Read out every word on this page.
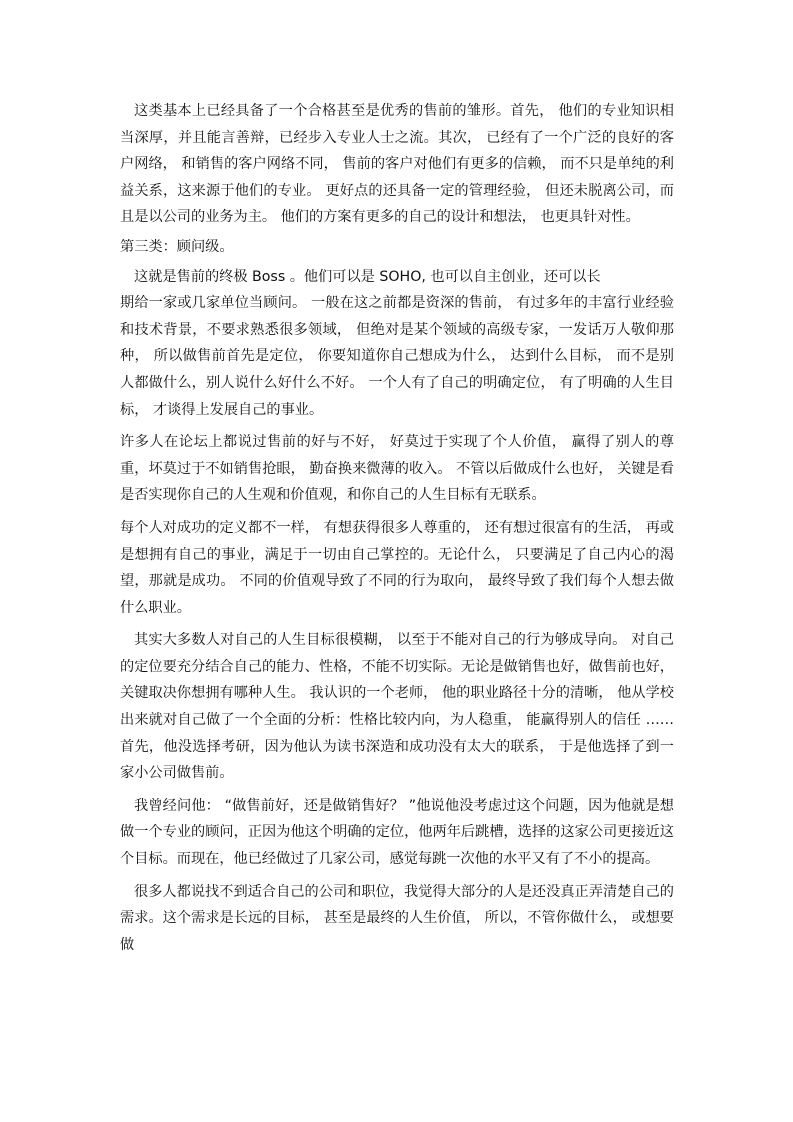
这类基本上已经具备了一个合格甚至是优秀的售前的雏形。首先， 他们的专业知识相当深厚，并且能言善辩，已经步入专业人士之流。其次， 已经有了一个广泛的良好的客户网络， 和销售的客户网络不同， 售前的客户对他们有更多的信赖， 而不只是单纯的利益关系，这来源于他们的专业。 更好点的还具备一定的管理经验， 但还未脱离公司，而且是以公司的业务为主。 他们的方案有更多的自己的设计和想法， 也更具针对性。

第三类：顾问级。

这就是售前的终极 Boss 。他们可以是 SOHO, 也可以自主创业，还可以长

期给一家或几家单位当顾问。 一般在这之前都是资深的售前， 有过多年的丰富行业经验和技术背景，不要求熟悉很多领域， 但绝对是某个领域的高级专家，一发话万人敬仰那种， 所以做售前首先是定位， 你要知道你自己想成为什么， 达到什么目标， 而不是别人都做什么，别人说什么好什么不好。 一个人有了自己的明确定位， 有了明确的人生目标， 才谈得上发展自己的事业。

许多人在论坛上都说过售前的好与不好， 好莫过于实现了个人价值， 赢得了别人的尊重，坏莫过于不如销售抢眼， 勤奋换来微薄的收入。 不管以后做成什么也好， 关键是看是否实现你自己的人生观和价值观，和你自己的人生目标有无联系。

每个人对成功的定义都不一样， 有想获得很多人尊重的， 还有想过很富有的生活， 再或是想拥有自己的事业，满足于一切由自己掌控的。无论什么， 只要满足了自己内心的渴望，那就是成功。 不同的价值观导致了不同的行为取向， 最终导致了我们每个人想去做什么职业。

其实大多数人对自己的人生目标很模糊， 以至于不能对自己的行为够成导向。 对自己的定位要充分结合自己的能力、性格，不能不切实际。无论是做销售也好，做售前也好，关键取决你想拥有哪种人生。 我认识的一个老师， 他的职业路径十分的清晰， 他从学校出来就对自己做了一个全面的分析：性格比较内向，为人稳重， 能赢得别人的信任 …… 首先，他没选择考研，因为他认为读书深造和成功没有太大的联系， 于是他选择了到一家小公司做售前。

我曾经问他： “做售前好，还是做销售好？ ”他说他没考虑过这个问题，因为他就是想做一个专业的顾问，正因为他这个明确的定位，他两年后跳槽，选择的这家公司更接近这个目标。而现在，他已经做过了几家公司，感觉每跳一次他的水平又有了不小的提高。

很多人都说找不到适合自己的公司和职位，我觉得大部分的人是还没真正弄清楚自己的需求。这个需求是长远的目标， 甚至是最终的人生价值， 所以，不管你做什么， 或想要做
